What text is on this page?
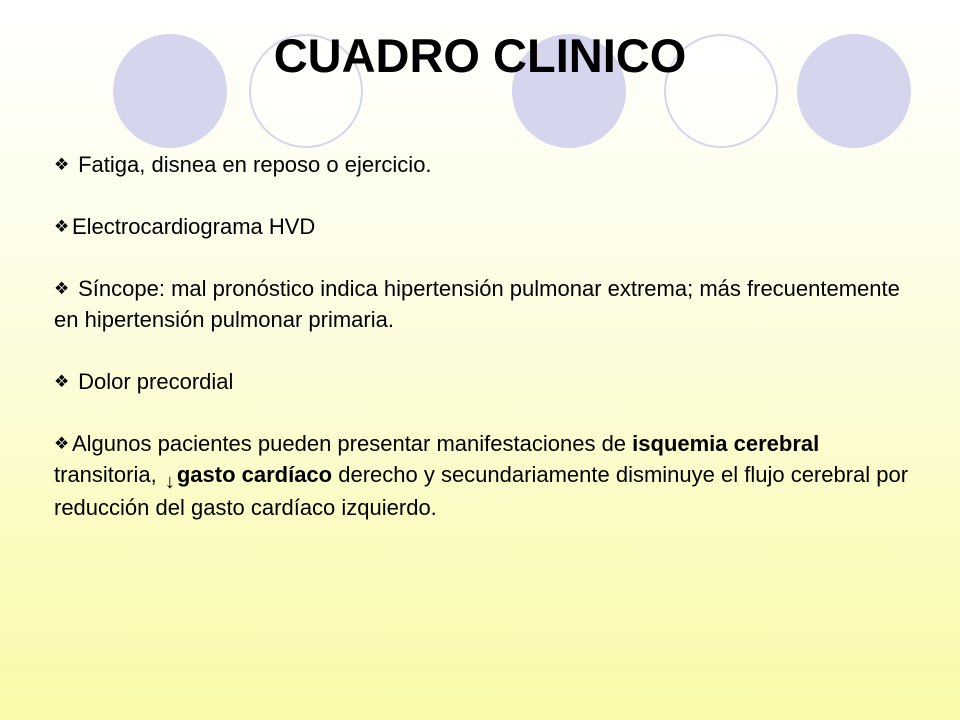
CUADRO CLINICO

❖ Fatiga, disnea en reposo o ejercicio.

❖ Electrocardiograma HVD

❖ Síncope: mal pronóstico indica hipertensión pulmonar extrema; más frecuentemente en hipertensión pulmonar primaria.

❖ Dolor precordial

❖ Algunos pacientes pueden presentar manifestaciones de isquemia cerebral transitoria, ↓gasto cardíaco derecho y secundariamente disminuye el flujo cerebral por reducción del gasto cardíaco izquierdo.
